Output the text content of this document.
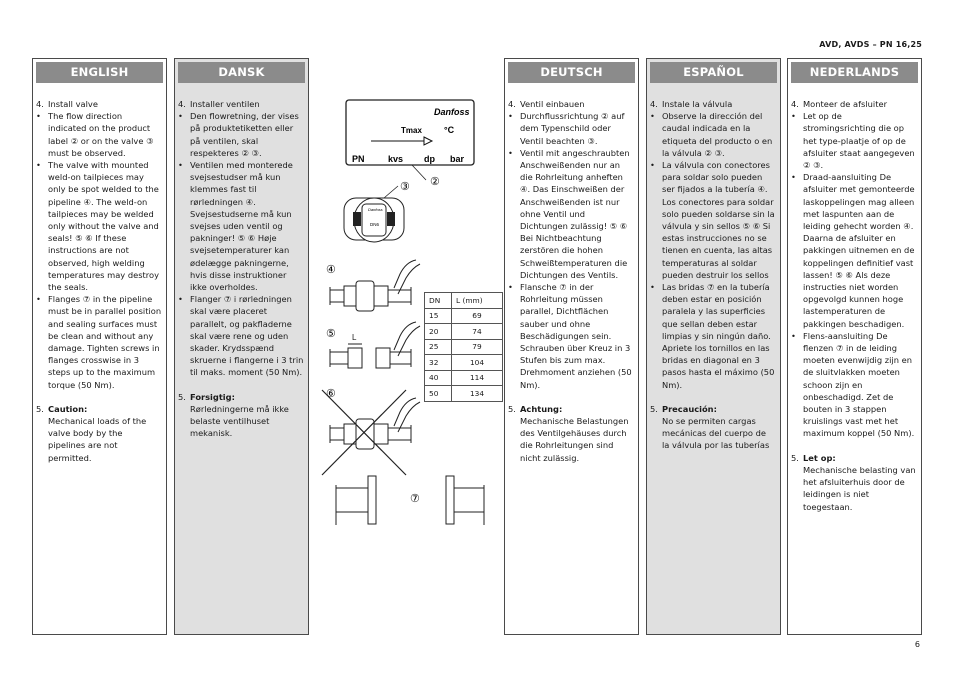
AVD, AVDS – PN 16,25
ENGLISH
4. Install valve
• The flow direction indicated on the product label ② or on the valve ③ must be observed.
• The valve with mounted weld-on tailpieces may only be spot welded to the pipeline ④. The weld-on tailpieces may be welded only without the valve and seals! ⑤ ⑥ If these instructions are not observed, high welding temperatures may destroy the seals.
• Flanges ⑦ in the pipeline must be in parallel position and sealing surfaces must be clean and without any damage. Tighten screws in flanges crosswise in 3 steps up to the maximum torque (50 Nm).
5. Caution:
Mechanical loads of the valve body by the pipelines are not permitted.
DANSK
4. Installer ventilen
• Den flowretning, der vises på produktetiketten eller på ventilen, skal respekteres ② ③.
• Ventilen med monterede svejsestudser må kun klemmes fast til rørledningen ④. Svejsestudserne må kun svejses uden ventil og pakninger! ⑤ ⑥ Høje svejsetemperaturer kan ødelægge pakningerne, hvis disse instruktioner ikke overholdes.
• Flanger ⑦ i rørledningen skal være placeret parallelt, og pakfladerne skal være rene og uden skader. Krydsspænd skruerne i flangerne i 3 trin til maks. moment (50 Nm).
5. Forsigtig:
Rørledningerne må ikke belaste ventilhuset mekanisk.
DEUTSCH
4. Ventil einbauen
• Durchflussrichtung ② auf dem Typenschild oder Ventil beachten ③.
• Ventil mit angeschraubten Anschweißenden nur an die Rohrleitung anheften ④. Das Einschweißen der Anschweißenden ist nur ohne Ventil und Dichtungen zulässig! ⑤ ⑥ Bei Nichtbeachtung zerstören die hohen Schweißtemperaturen die Dichtungen des Ventils.
• Flansche ⑦ in der Rohrleitung müssen parallel, Dichtflächen sauber und ohne Beschädigungen sein. Schrauben über Kreuz in 3 Stufen bis zum max. Drehmoment anziehen (50 Nm).
5. Achtung:
Mechanische Belastungen des Ventilgehäuses durch die Rohrleitungen sind nicht zulässig.
ESPAÑOL
4. Instale la válvula
• Observe la dirección del caudal indicada en la etiqueta del producto o en la válvula ② ③.
• La válvula con conectores para soldar solo pueden ser fijados a la tubería ④. Los conectores para soldar solo pueden soldarse sin la válvula y sin sellos ⑤ ⑥ Si estas instrucciones no se tienen en cuenta, las altas temperaturas al soldar pueden destruir los sellos
• Las bridas ⑦ en la tubería deben estar en posición paralela y las superficies que sellan deben estar limpias y sin ningún daño. Apriete los tornillos en las bridas en diagonal en 3 pasos hasta el máximo (50 Nm).
5. Precaución:
No se permiten cargas mecánicas del cuerpo de la válvula por las tuberías
NEDERLANDS
4. Monteer de afsluiter
• Let op de stromingsrichting die op het type-plaatje of op de afsluiter staat aangegeven ② ③.
• Draad-aansluiting De afsluiter met gemonteerde laskoppelingen mag alleen met laspunten aan de leiding gehecht worden ④. Daarna de afsluiter en pakkingen uitnemen en de koppelingen definitief vast lassen! ⑤ ⑥ Als deze instructies niet worden opgevolgd kunnen hoge lastemperaturen de pakkingen beschadigen.
• Flens-aansluiting De flenzen ⑦ in de leiding moeten evenwijdig zijn en de sluitvlakken moeten schoon zijn en onbeschadigd. Zet de bouten in 3 stappen kruislings vast met het maximum koppel (50 Nm).
5. Let op:
Mechanische belasting van het afsluiterhuis door de leidingen is niet toegestaan.
Danfoss
Tmax °C
PN	kvs dp bar
②
③
Danfoss
DN6
④
⑤ L
⑥
⑦
DN	L (mm)
15	69
20	74
25	79
32	104
40	114
50	134
6
